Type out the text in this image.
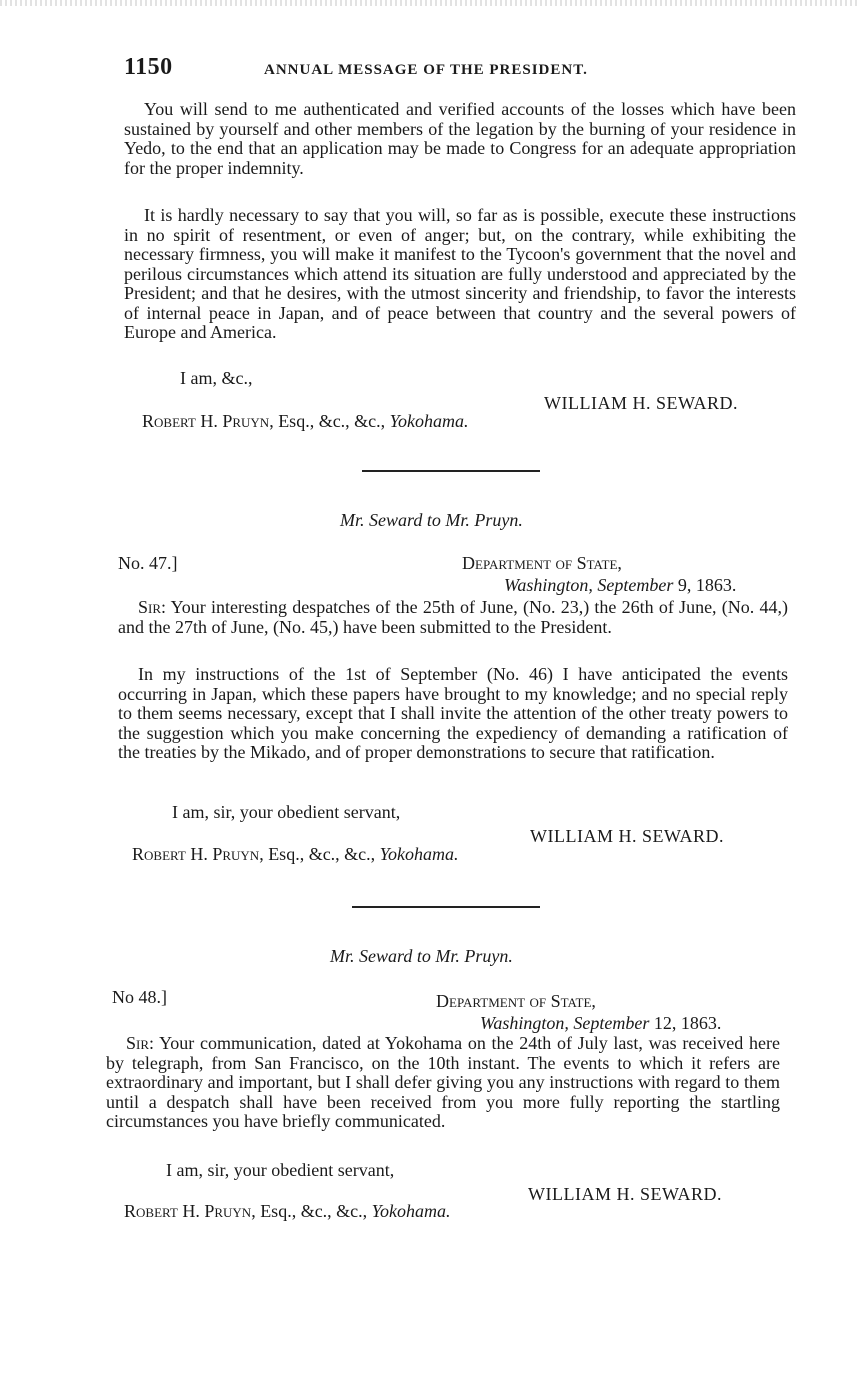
1150	ANNUAL MESSAGE OF THE PRESIDENT.

You will send to me authenticated and verified accounts of the losses which have been sustained by yourself and other members of the legation by the burning of your residence in Yedo, to the end that an application may be made to Congress for an adequate appropriation for the proper indemnity.

It is hardly necessary to say that you will, so far as is possible, execute these instructions in no spirit of resentment, or even of anger; but, on the contrary, while exhibiting the necessary firmness, you will make it manifest to the Tycoon's government that the novel and perilous circumstances which attend its situation are fully understood and appreciated by the President; and that he desires, with the utmost sincerity and friendship, to favor the interests of internal peace in Japan, and of peace between that country and the several powers of Europe and America.

I am, &c.,
WILLIAM H. SEWARD.
Robert H. Pruyn, Esq., &c., &c., Yokohama.
Mr. Seward to Mr. Pruyn.
No. 47.]	Department of State,
Washington, September 9, 1863.

Sir: Your interesting despatches of the 25th of June, (No. 23,) the 26th of June, (No. 44,) and the 27th of June, (No. 45,) have been submitted to the President.

In my instructions of the 1st of September (No. 46) I have anticipated the events occurring in Japan, which these papers have brought to my knowledge; and no special reply to them seems necessary, except that I shall invite the attention of the other treaty powers to the suggestion which you make concerning the expediency of demanding a ratification of the treaties by the Mikado, and of proper demonstrations to secure that ratification.

I am, sir, your obedient servant,
WILLIAM H. SEWARD.
Robert H. Pruyn, Esq., &c., &c., Yokohama.
Mr. Seward to Mr. Pruyn.
No 48.]	Department of State,
Washington, September 12, 1863.

Sir: Your communication, dated at Yokohama on the 24th of July last, was received here by telegraph, from San Francisco, on the 10th instant. The events to which it refers are extraordinary and important, but I shall defer giving you any instructions with regard to them until a despatch shall have been received from you more fully reporting the startling circumstances you have briefly communicated.

I am, sir, your obedient servant,
WILLIAM H. SEWARD.
Robert H. Pruyn, Esq., &c., &c., Yokohama.
